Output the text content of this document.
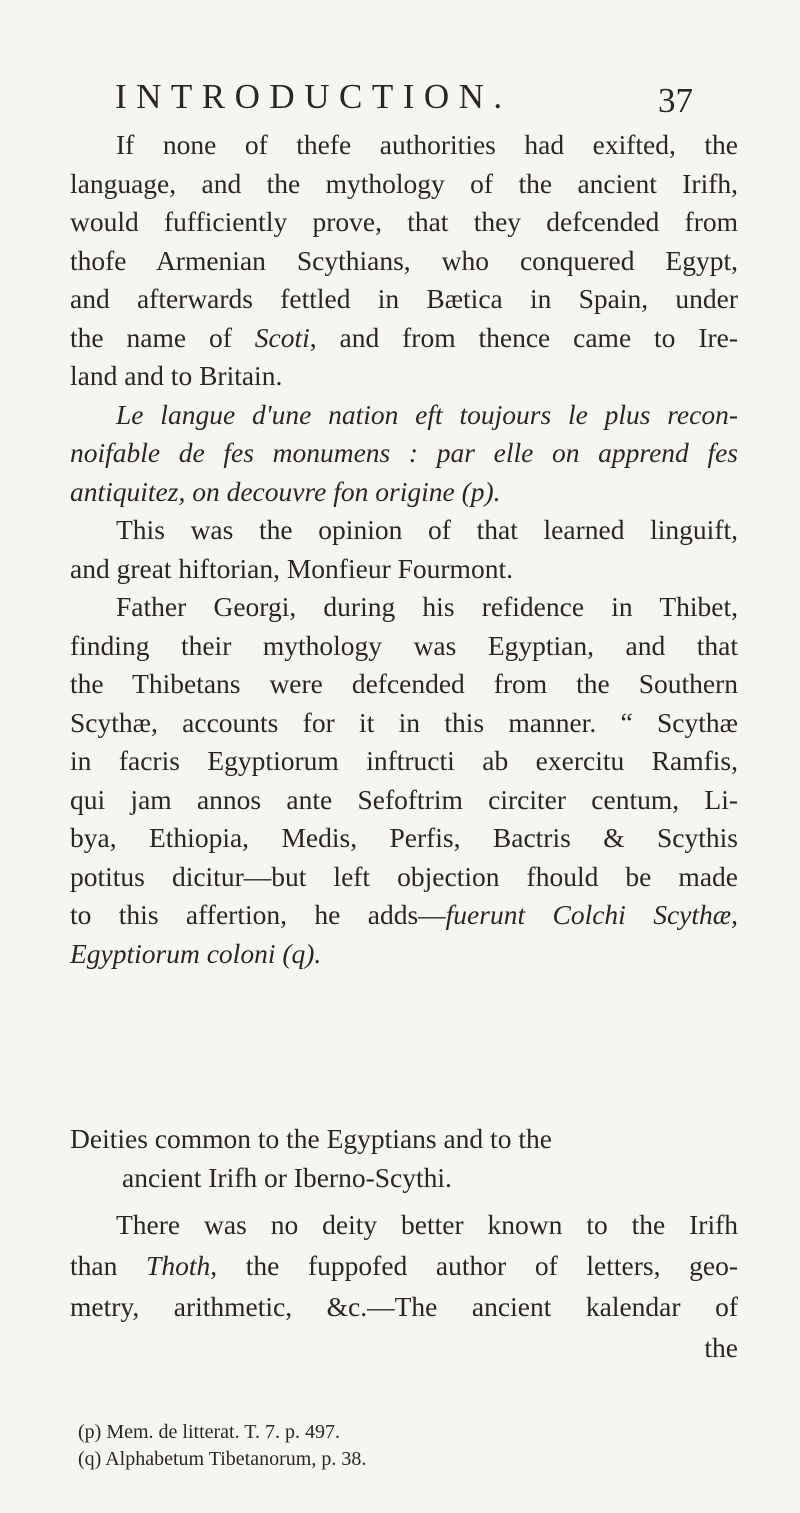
INTRODUCTION.	37
If none of thefe authorities had exifted, the
language, and the mythology of the ancient Irifh,
would fufficiently prove, that they defcended from
thofe Armenian Scythians, who conquered Egypt,
and afterwards fettled in Bætica in Spain, under
the name of Scoti, and from thence came to Ire-
land and to Britain.
Le langue d'une nation eft toujours le plus recon-
noifable de fes monumens : par elle on apprend fes
antiquitez, on decouvre fon origine (p).
This was the opinion of that learned linguift,
and great hiftorian, Monfieur Fourmont.
Father Georgi, during his refidence in Thibet,
finding their mythology was Egyptian, and that
the Thibetans were defcended from the Southern
Scythæ, accounts for it in this manner. “ Scythæ
in facris Egyptiorum inftructi ab exercitu Ramfis,
qui jam annos ante Sefoftrim circiter centum, Li-
bya, Ethiopia, Medis, Perfis, Bactris & Scythis
potitus dicitur—but left objection fhould be made
to this affertion, he adds—fuerunt Colchi Scythæ,
Egyptiorum coloni (q).
Deities common to the Egyptians and to the
ancient Irifh or Iberno-Scythi.
There was no deity better known to the Irifh
than Thoth, the fuppofed author of letters, geo-
metry, arithmetic, &c.—The ancient kalendar of
the
(p) Mem. de litterat. T. 7. p. 497.
(q) Alphabetum Tibetanorum, p. 38.
